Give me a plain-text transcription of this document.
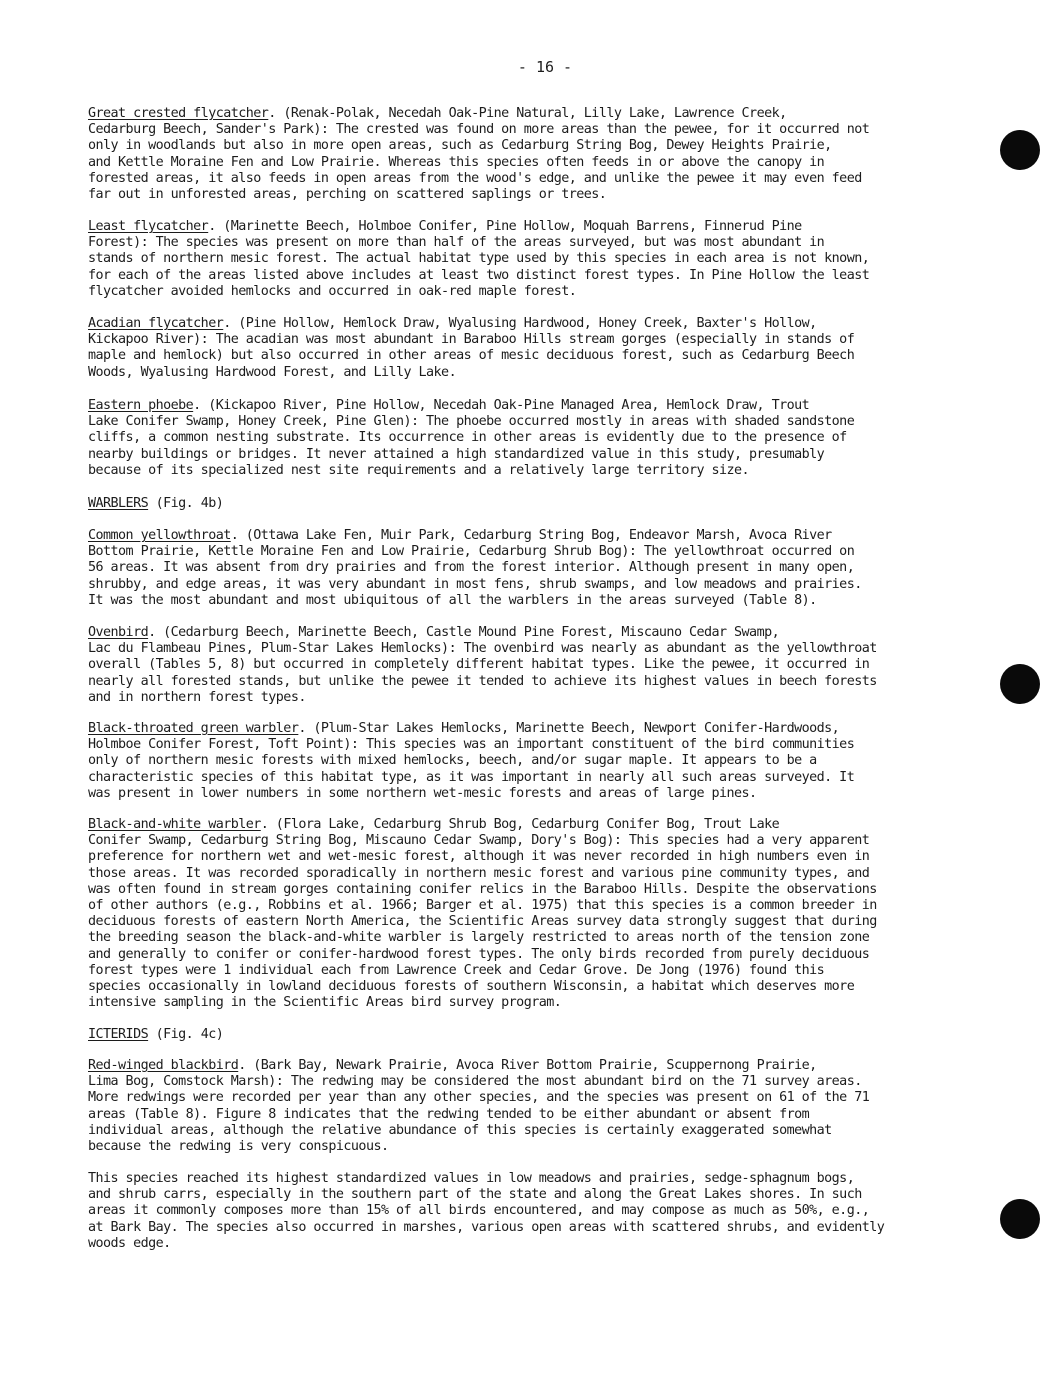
- 16 -
Great crested flycatcher. (Renak-Polak, Necedah Oak-Pine Natural, Lilly Lake, Lawrence Creek,
Cedarburg Beech, Sander's Park): The crested was found on more areas than the pewee, for it occurred not
only in woodlands but also in more open areas, such as Cedarburg String Bog, Dewey Heights Prairie,
and Kettle Moraine Fen and Low Prairie. Whereas this species often feeds in or above the canopy in
forested areas, it also feeds in open areas from the wood's edge, and unlike the pewee it may even feed
far out in unforested areas, perching on scattered saplings or trees.
Least flycatcher. (Marinette Beech, Holmboe Conifer, Pine Hollow, Moquah Barrens, Finnerud Pine
Forest): The species was present on more than half of the areas surveyed, but was most abundant in
stands of northern mesic forest. The actual habitat type used by this species in each area is not known,
for each of the areas listed above includes at least two distinct forest types. In Pine Hollow the least
flycatcher avoided hemlocks and occurred in oak-red maple forest.
Acadian flycatcher. (Pine Hollow, Hemlock Draw, Wyalusing Hardwood, Honey Creek, Baxter's Hollow,
Kickapoo River): The acadian was most abundant in Baraboo Hills stream gorges (especially in stands of
maple and hemlock) but also occurred in other areas of mesic deciduous forest, such as Cedarburg Beech
Woods, Wyalusing Hardwood Forest, and Lilly Lake.
Eastern phoebe. (Kickapoo River, Pine Hollow, Necedah Oak-Pine Managed Area, Hemlock Draw, Trout
Lake Conifer Swamp, Honey Creek, Pine Glen): The phoebe occurred mostly in areas with shaded sandstone
cliffs, a common nesting substrate. Its occurrence in other areas is evidently due to the presence of
nearby buildings or bridges. It never attained a high standardized value in this study, presumably
because of its specialized nest site requirements and a relatively large territory size.
WARBLERS (Fig. 4b)
Common yellowthroat. (Ottawa Lake Fen, Muir Park, Cedarburg String Bog, Endeavor Marsh, Avoca River
Bottom Prairie, Kettle Moraine Fen and Low Prairie, Cedarburg Shrub Bog): The yellowthroat occurred on
56 areas. It was absent from dry prairies and from the forest interior. Although present in many open,
shrubby, and edge areas, it was very abundant in most fens, shrub swamps, and low meadows and prairies.
It was the most abundant and most ubiquitous of all the warblers in the areas surveyed (Table 8).
Ovenbird. (Cedarburg Beech, Marinette Beech, Castle Mound Pine Forest, Miscauno Cedar Swamp,
Lac du Flambeau Pines, Plum-Star Lakes Hemlocks): The ovenbird was nearly as abundant as the yellowthroat
overall (Tables 5, 8) but occurred in completely different habitat types. Like the pewee, it occurred in
nearly all forested stands, but unlike the pewee it tended to achieve its highest values in beech forests
and in northern forest types.
Black-throated green warbler. (Plum-Star Lakes Hemlocks, Marinette Beech, Newport Conifer-Hardwoods,
Holmboe Conifer Forest, Toft Point): This species was an important constituent of the bird communities
only of northern mesic forests with mixed hemlocks, beech, and/or sugar maple. It appears to be a
characteristic species of this habitat type, as it was important in nearly all such areas surveyed. It
was present in lower numbers in some northern wet-mesic forests and areas of large pines.
Black-and-white warbler. (Flora Lake, Cedarburg Shrub Bog, Cedarburg Conifer Bog, Trout Lake
Conifer Swamp, Cedarburg String Bog, Miscauno Cedar Swamp, Dory's Bog): This species had a very apparent
preference for northern wet and wet-mesic forest, although it was never recorded in high numbers even in
those areas. It was recorded sporadically in northern mesic forest and various pine community types, and
was often found in stream gorges containing conifer relics in the Baraboo Hills. Despite the observations
of other authors (e.g., Robbins et al. 1966; Barger et al. 1975) that this species is a common breeder in
deciduous forests of eastern North America, the Scientific Areas survey data strongly suggest that during
the breeding season the black-and-white warbler is largely restricted to areas north of the tension zone
and generally to conifer or conifer-hardwood forest types. The only birds recorded from purely deciduous
forest types were 1 individual each from Lawrence Creek and Cedar Grove. De Jong (1976) found this
species occasionally in lowland deciduous forests of southern Wisconsin, a habitat which deserves more
intensive sampling in the Scientific Areas bird survey program.
ICTERIDS (Fig. 4c)
Red-winged blackbird. (Bark Bay, Newark Prairie, Avoca River Bottom Prairie, Scuppernong Prairie,
Lima Bog, Comstock Marsh): The redwing may be considered the most abundant bird on the 71 survey areas.
More redwings were recorded per year than any other species, and the species was present on 61 of the 71
areas (Table 8). Figure 8 indicates that the redwing tended to be either abundant or absent from
individual areas, although the relative abundance of this species is certainly exaggerated somewhat
because the redwing is very conspicuous.
This species reached its highest standardized values in low meadows and prairies, sedge-sphagnum bogs,
and shrub carrs, especially in the southern part of the state and along the Great Lakes shores. In such
areas it commonly composes more than 15% of all birds encountered, and may compose as much as 50%, e.g.,
at Bark Bay. The species also occurred in marshes, various open areas with scattered shrubs, and evidently
woods edge.
